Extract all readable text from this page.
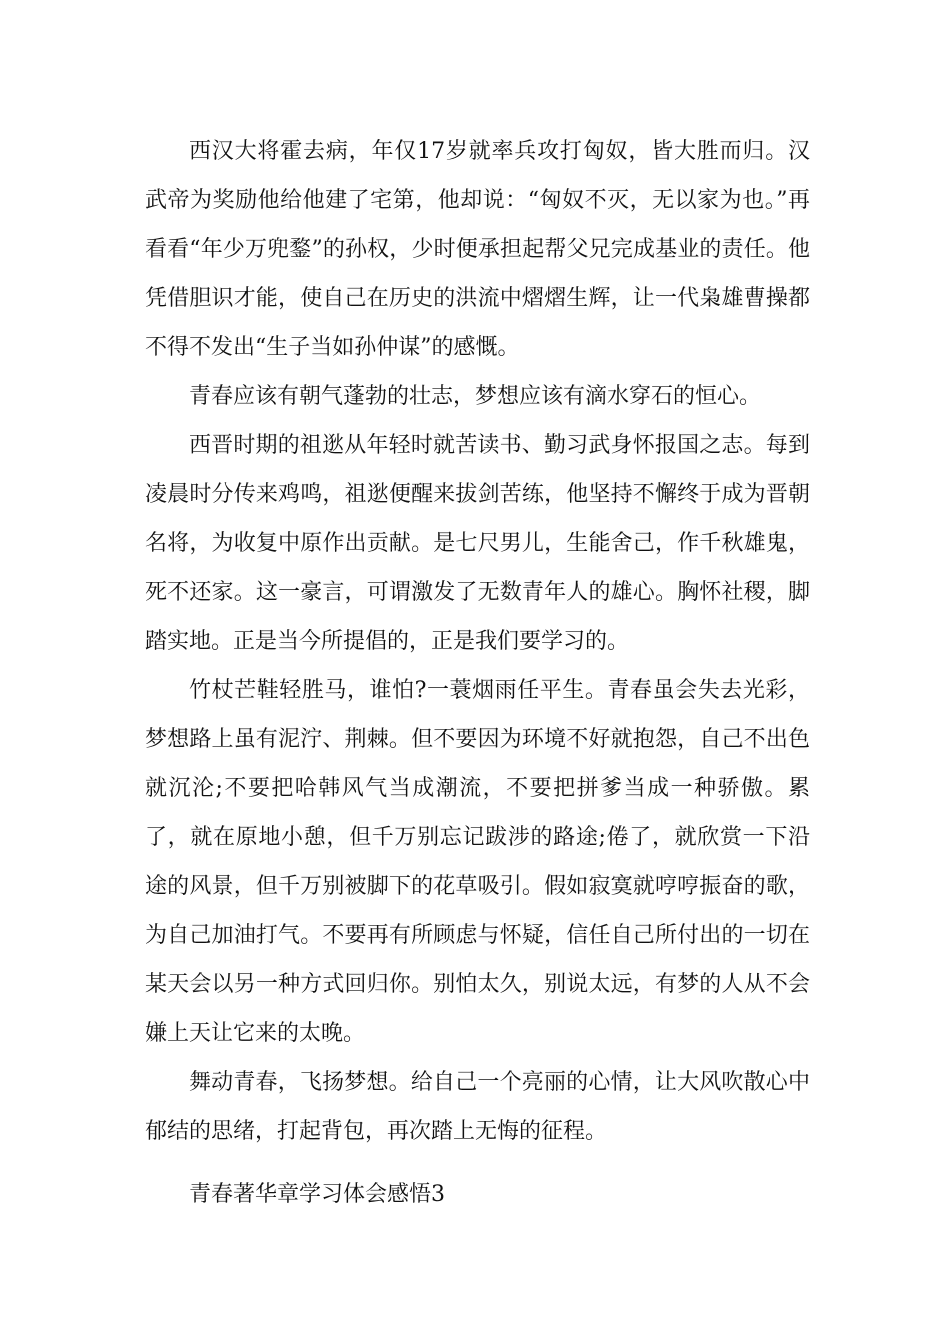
西汉大将霍去病，年仅17岁就率兵攻打匈奴，皆大胜而归。汉武帝为奖励他给他建了宅第，他却说：“匈奴不灭，无以家为也。”再看看“年少万兜鍪”的孙权，少时便承担起帮父兄完成基业的责任。他凭借胆识才能，使自己在历史的洪流中熠熠生辉，让一代枭雄曹操都不得不发出“生子当如孙仲谋”的感慨。

青春应该有朝气蓬勃的壮志，梦想应该有滴水穿石的恒心。

西晋时期的祖逖从年轻时就苦读书、勤习武身怀报国之志。每到凌晨时分传来鸡鸣，祖逖便醒来拔剑苦练，他坚持不懈终于成为晋朝名将，为收复中原作出贡献。是七尺男儿，生能舍己，作千秋雄鬼，死不还家。这一豪言，可谓激发了无数青年人的雄心。胸怀社稷，脚踏实地。正是当今所提倡的，正是我们要学习的。

竹杖芒鞋轻胜马，谁怕?一蓑烟雨任平生。青春虽会失去光彩，梦想路上虽有泥泞、荆棘。但不要因为环境不好就抱怨，自己不出色就沉沦;不要把哈韩风气当成潮流，不要把拼爹当成一种骄傲。累了，就在原地小憩，但千万别忘记跋涉的路途;倦了，就欣赏一下沿途的风景，但千万别被脚下的花草吸引。假如寂寞就哼哼振奋的歌，为自己加油打气。不要再有所顾虑与怀疑，信任自己所付出的一切在某天会以另一种方式回归你。别怕太久，别说太远，有梦的人从不会嫌上天让它来的太晚。

舞动青春，飞扬梦想。给自己一个亮丽的心情，让大风吹散心中郁结的思绪，打起背包，再次踏上无悔的征程。

青春著华章学习体会感悟3
